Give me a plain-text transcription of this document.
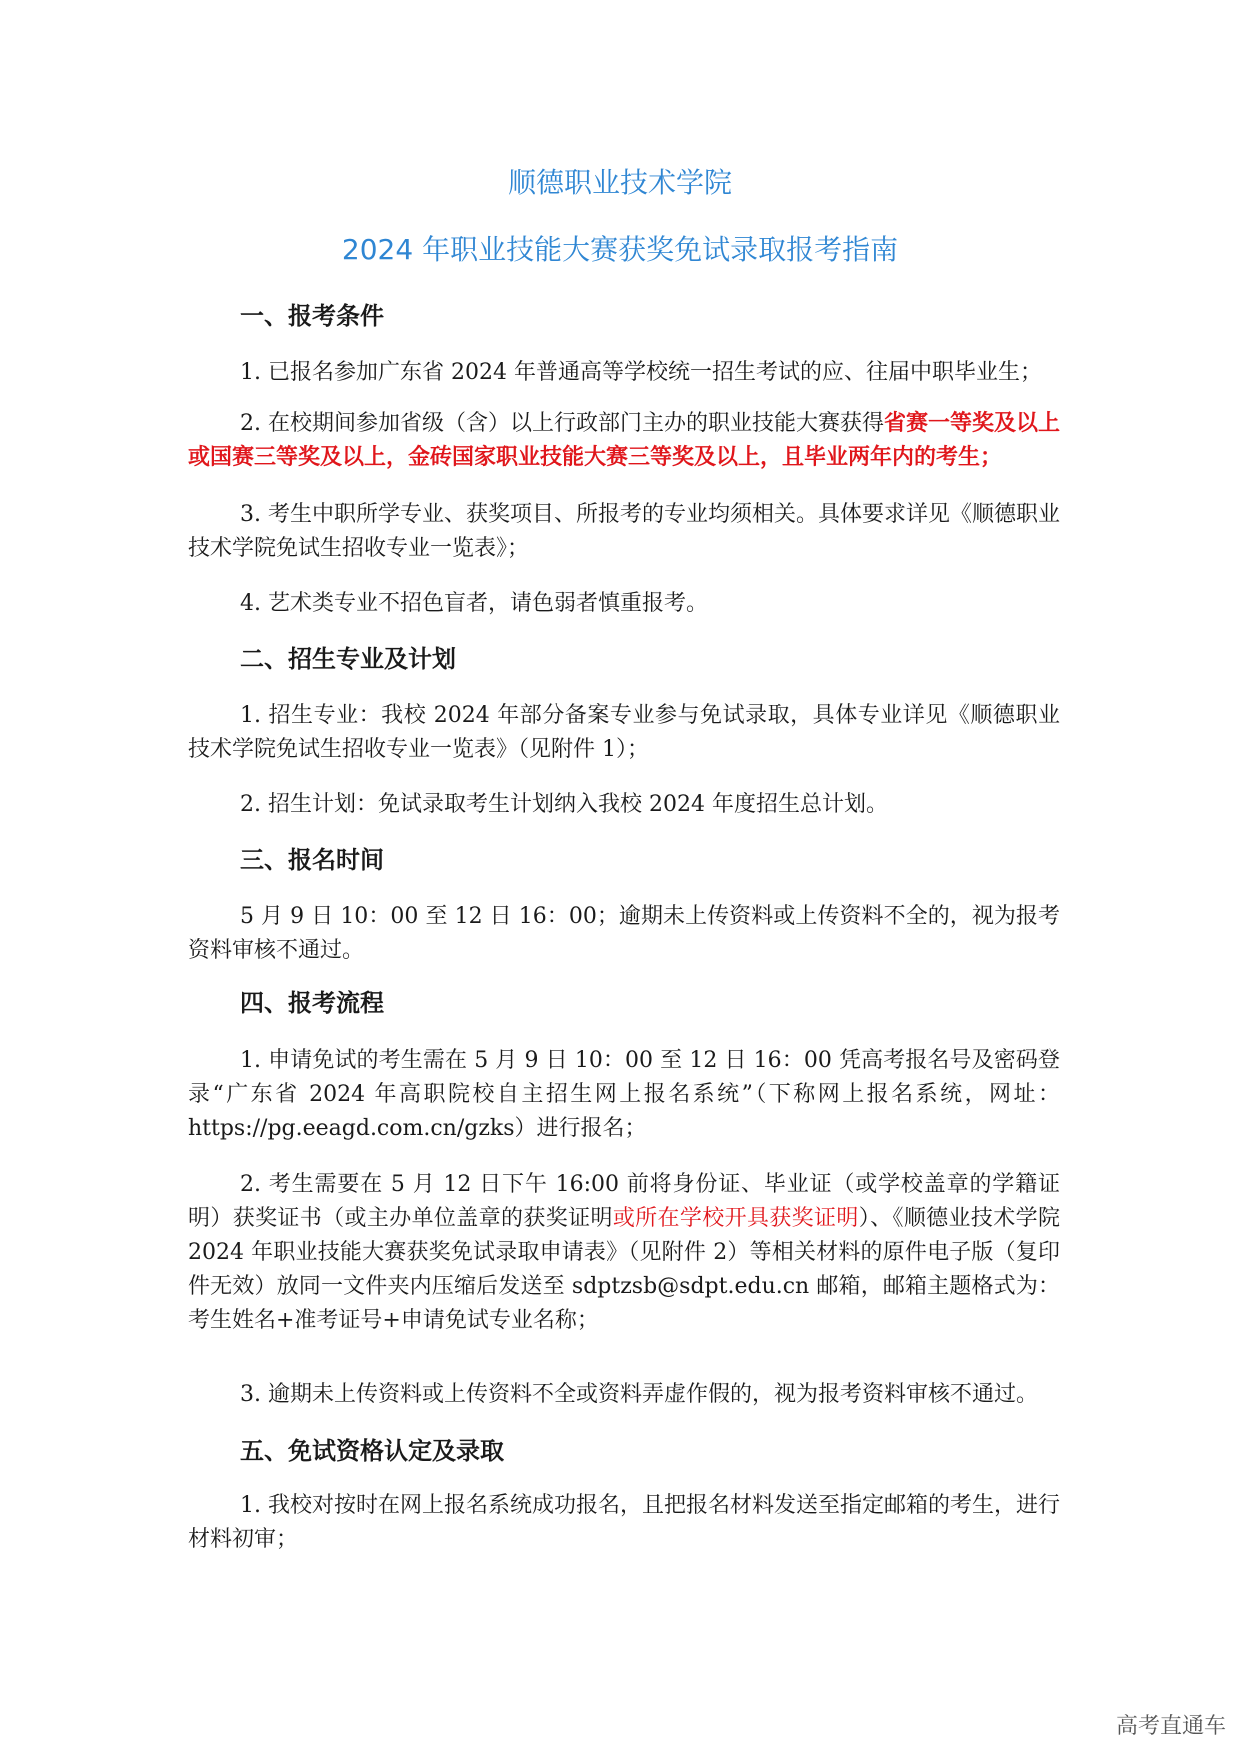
顺德职业技术学院
2024 年职业技能大赛获奖免试录取报考指南
一、报考条件
1. 已报名参加广东省 2024 年普通高等学校统一招生考试的应、往届中职毕业生；
2. 在校期间参加省级（含）以上行政部门主办的职业技能大赛获得省赛一等奖及以上或国赛三等奖及以上，金砖国家职业技能大赛三等奖及以上，且毕业两年内的考生；
3. 考生中职所学专业、获奖项目、所报考的专业均须相关。具体要求详见《顺德职业技术学院免试生招收专业一览表》；
4. 艺术类专业不招色盲者，请色弱者慎重报考。
二、招生专业及计划
1. 招生专业：我校 2024 年部分备案专业参与免试录取，具体专业详见《顺德职业技术学院免试生招收专业一览表》（见附件 1）；
2. 招生计划：免试录取考生计划纳入我校 2024 年度招生总计划。
三、报名时间
5 月 9 日 10：00 至 12 日 16：00；逾期未上传资料或上传资料不全的，视为报考资料审核不通过。
四、报考流程
1. 申请免试的考生需在 5 月 9 日 10：00 至 12 日 16：00 凭高考报名号及密码登录“广东省 2024 年高职院校自主招生网上报名系统”（下称网上报名系统，网址：https://pg.eeagd.com.cn/gzks）进行报名；
2. 考生需要在 5 月 12 日下午 16:00 前将身份证、毕业证（或学校盖章的学籍证明）获奖证书（或主办单位盖章的获奖证明或所在学校开具获奖证明）、《顺德业技术学院 2024 年职业技能大赛获奖免试录取申请表》（见附件 2）等相关材料的原件电子版（复印件无效）放同一文件夹内压缩后发送至 sdptzsb@sdpt.edu.cn 邮箱，邮箱主题格式为：考生姓名+准考证号+申请免试专业名称；
3. 逾期未上传资料或上传资料不全或资料弄虚作假的，视为报考资料审核不通过。
五、免试资格认定及录取
1. 我校对按时在网上报名系统成功报名，且把报名材料发送至指定邮箱的考生，进行材料初审；
高考直通车
